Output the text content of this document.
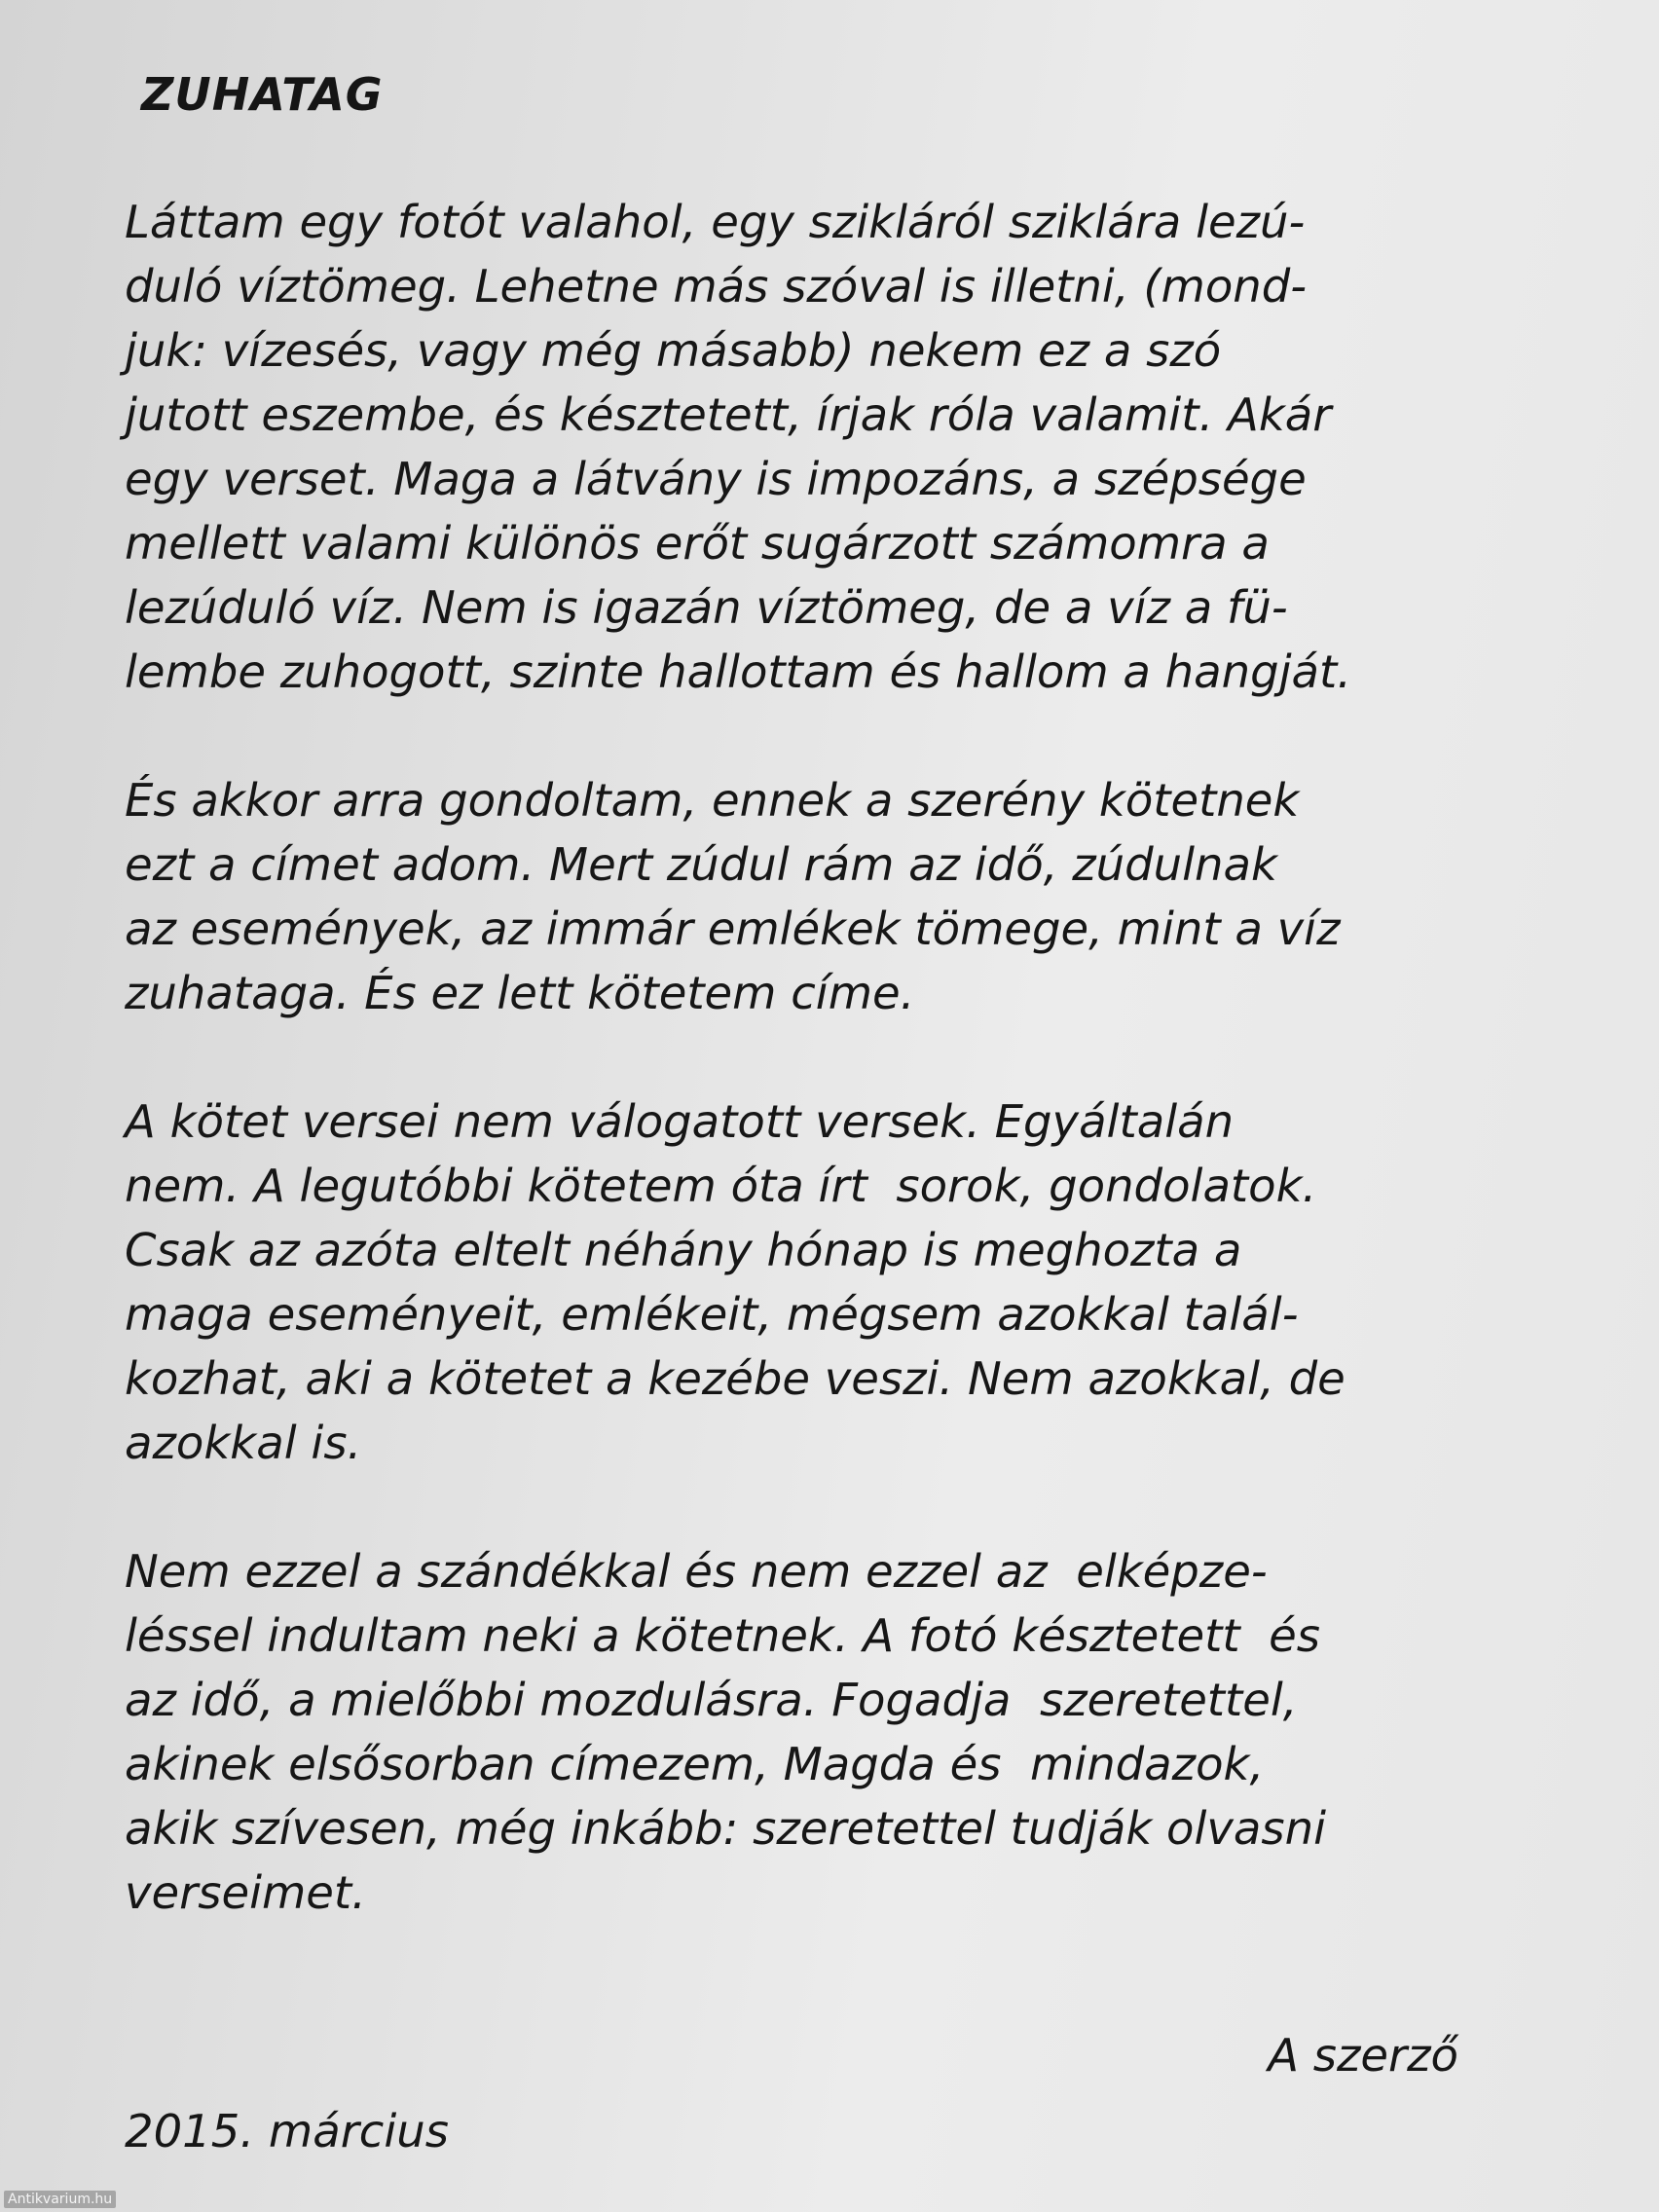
ZUHATAG

Láttam egy fotót valahol, egy szikláról sziklára lezú-
duló víztömeg. Lehetne más szóval is illetni, (mond-
juk: vízesés, vagy még másabb) nekem ez a szó
jutott eszembe, és késztetett, írjak róla valamit. Akár
egy verset. Maga a látvány is impozáns, a szépsége
mellett valami különös erőt sugárzott számomra a
lezúduló víz. Nem is igazán víztömeg, de a víz a fü-
lembe zuhogott, szinte hallottam és hallom a hangját.

És akkor arra gondoltam, ennek a szerény kötetnek
ezt a címet adom. Mert zúdul rám az idő, zúdulnak
az események, az immár emlékek tömege, mint a víz
zuhataga. És ez lett kötetem címe.

A kötet versei nem válogatott versek. Egyáltalán
nem. A legutóbbi kötetem óta írt  sorok, gondolatok.
Csak az azóta eltelt néhány hónap is meghozta a
maga eseményeit, emlékeit, mégsem azokkal talál-
kozhat, aki a kötetet a kezébe veszi. Nem azokkal, de
azokkal is.

Nem ezzel a szándékkal és nem ezzel az  elképze-
léssel indultam neki a kötetnek. A fotó késztetett  és
az idő, a mielőbbi mozdulásra. Fogadja  szeretettel,
akinek elsősorban címezem, Magda és  mindazok,
akik szívesen, még inkább: szeretettel tudják olvasni
verseimet.

A szerző
2015. március
Antikvarium.hu
